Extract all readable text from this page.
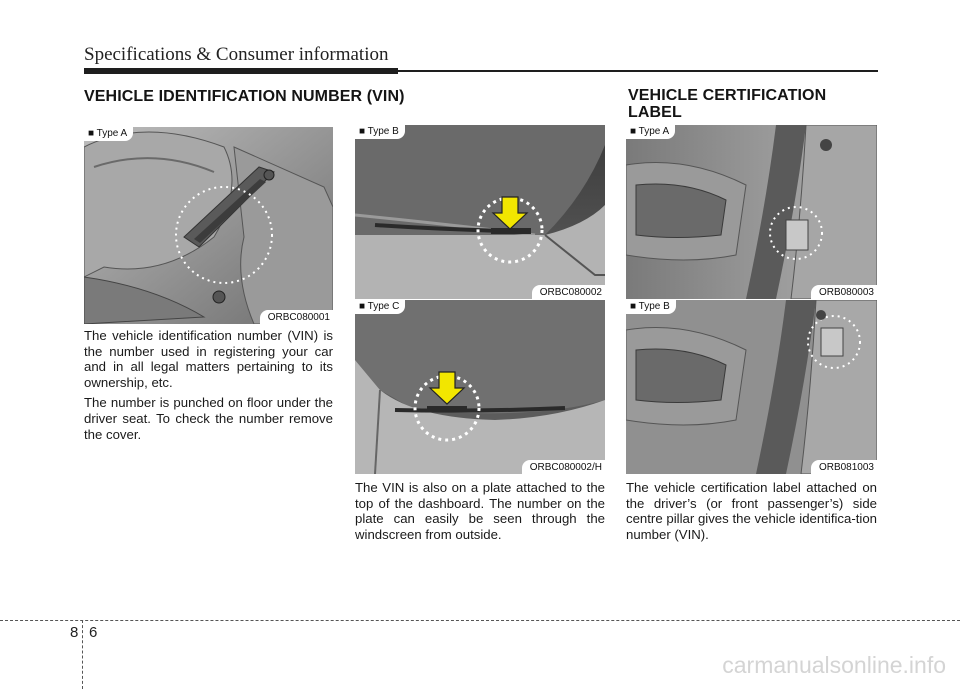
Specifications & Consumer information
VEHICLE IDENTIFICATION NUMBER (VIN)	VEHICLE CERTIFICATION
LABEL
■ Type A
ORBC080001
■ Type B
ORBC080002
■ Type C
ORBC080002/H
■ Type A
ORB080003
■ Type B
ORB081003

The vehicle identification number (VIN) is the number used in registering your car and in all legal matters pertaining to its ownership, etc.

The number is punched on floor under the driver seat. To check the number remove the cover.

The VIN is also on a plate attached to the top of the dashboard. The number on the plate can easily be seen through the windscreen from outside.

The vehicle certification label attached on the driver’s (or front passenger’s) side centre pillar gives the vehicle identifica-tion number (VIN).

8 6
carmanualsonline.info
